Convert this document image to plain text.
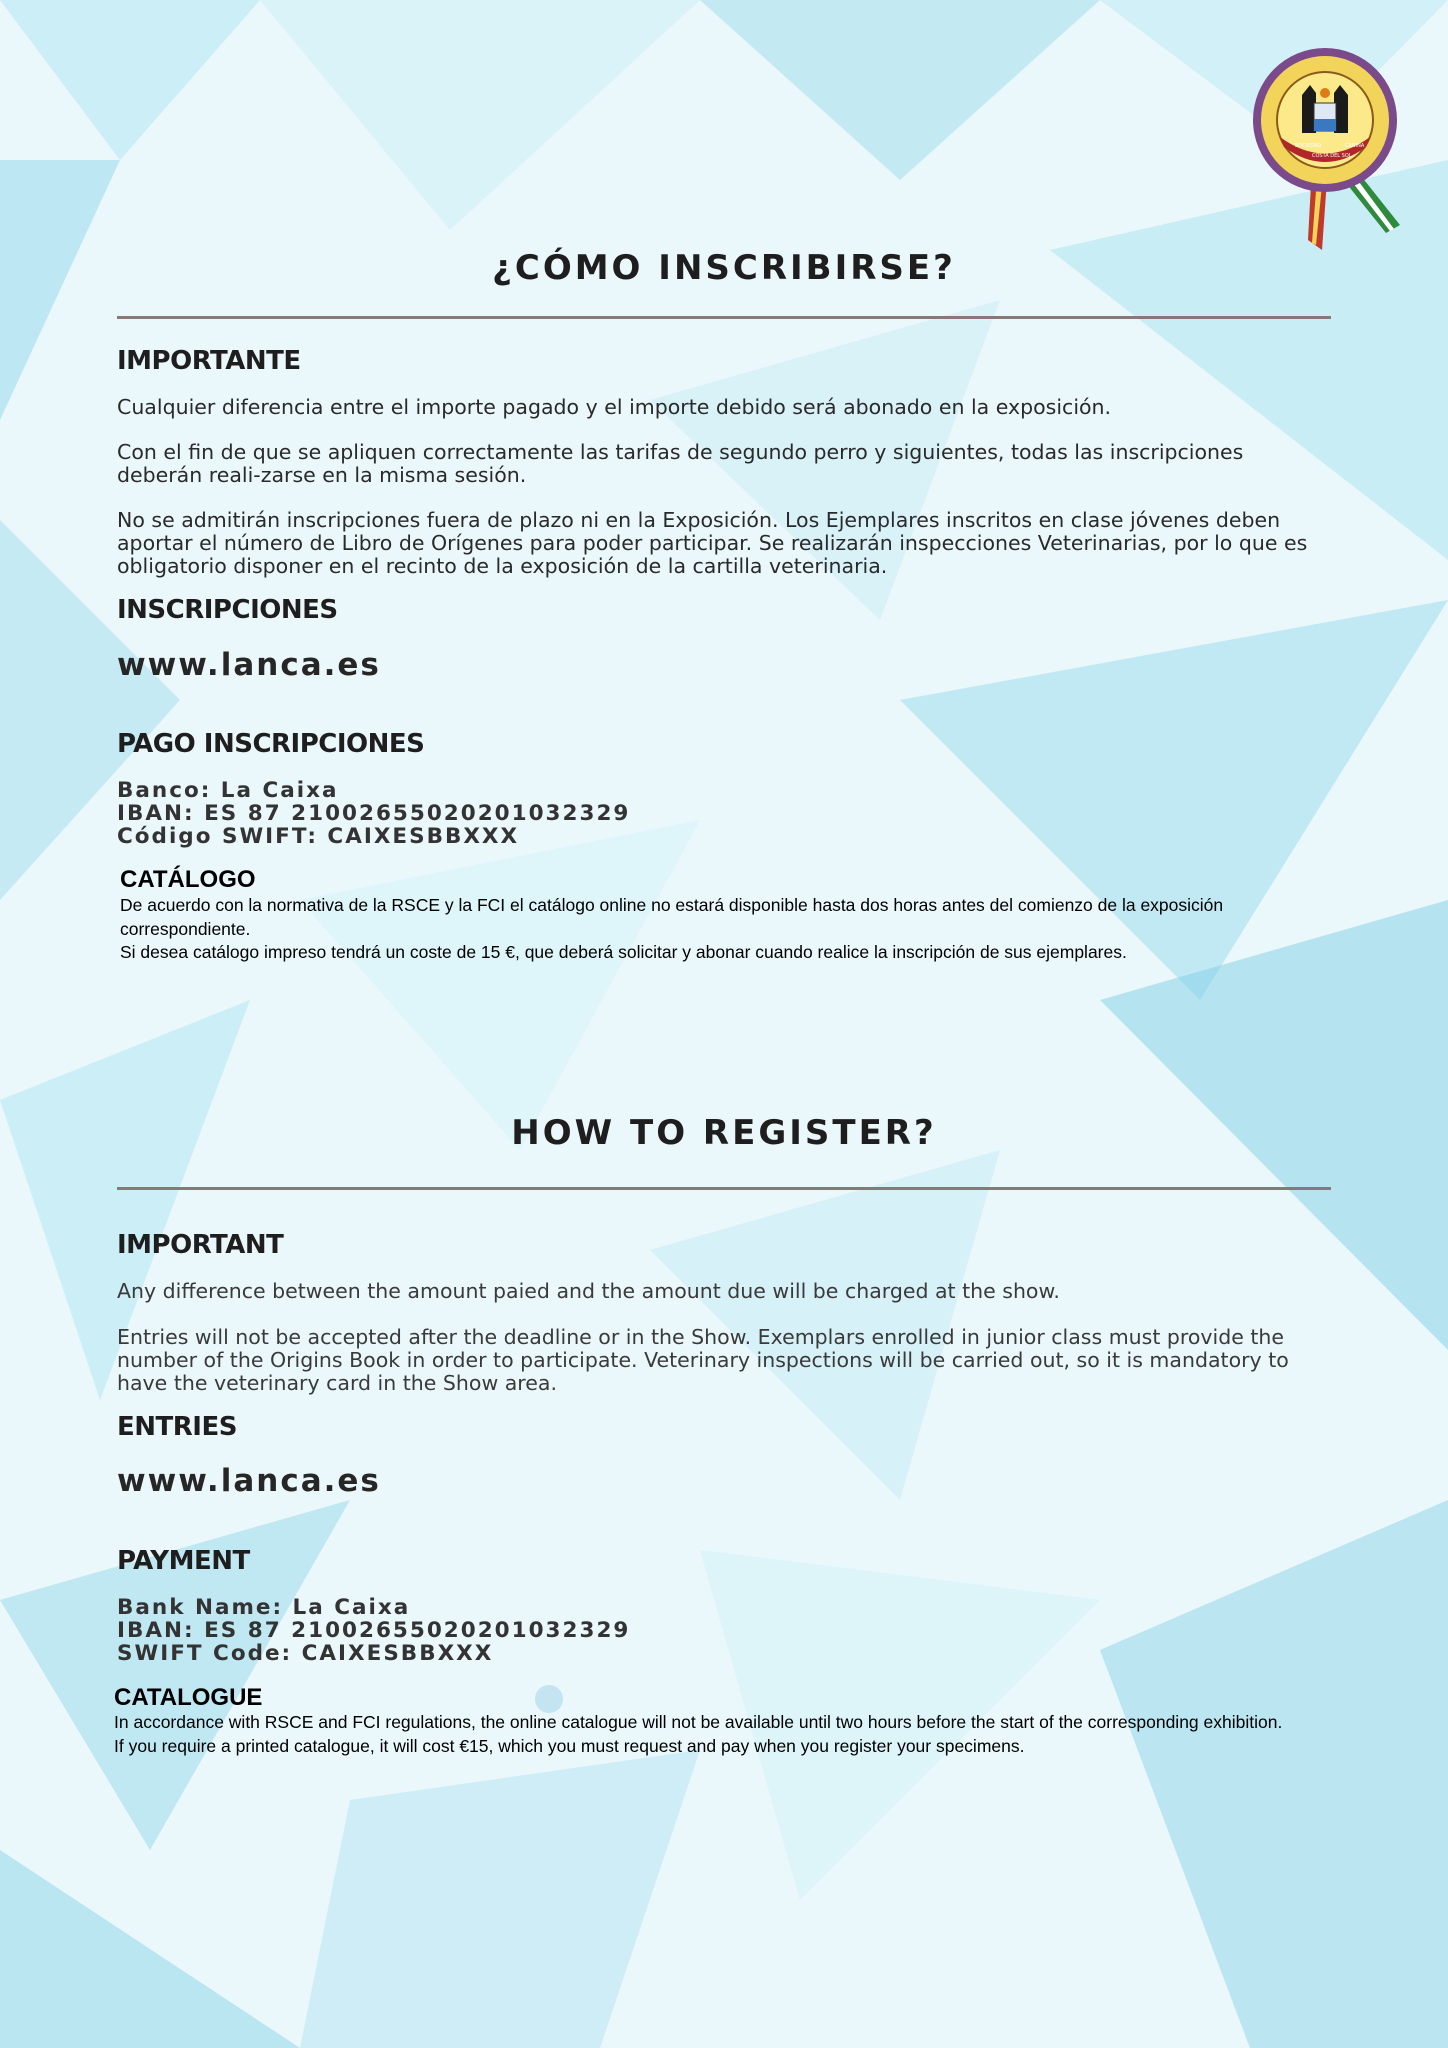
SOCIEDAD	CANINA
COSTA DEL SOL
¿CÓMO INSCRIBIRSE?
IMPORTANTE
Cualquier diferencia entre el importe pagado y el importe debido será abonado en la exposición.
Con el fin de que se apliquen correctamente las tarifas de segundo perro y siguientes, todas las inscripciones deberán reali-zarse en la misma sesión.
No se admitirán inscripciones fuera de plazo ni en la Exposición. Los Ejemplares inscritos en clase jóvenes deben aportar el número de Libro de Orígenes para poder participar. Se realizarán inspecciones Veterinarias, por lo que es obligatorio disponer en el recinto de la exposición de la cartilla veterinaria.
INSCRIPCIONES
www.lanca.es
PAGO INSCRIPCIONES
Banco: La Caixa
IBAN: ES 87 21002655020201032329
Código SWIFT: CAIXESBBXXX
CATÁLOGO
De acuerdo con la normativa de la RSCE y la FCI el catálogo online no estará disponible hasta dos horas antes del comienzo de la exposición correspondiente.
Si desea catálogo impreso tendrá un coste de 15 €, que deberá solicitar y abonar cuando realice la inscripción de sus ejemplares.
HOW TO REGISTER?
IMPORTANT
Any difference between the amount paied and the amount due will be charged at the show.
Entries will not be accepted after the deadline or in the Show. Exemplars enrolled in junior class must provide the number of the Origins Book in order to participate. Veterinary inspections will be carried out, so it is mandatory to have the veterinary card in the Show area.
ENTRIES
www.lanca.es
PAYMENT
Bank Name: La Caixa
IBAN: ES 87 21002655020201032329
SWIFT Code: CAIXESBBXXX
CATALOGUE
In accordance with RSCE and FCI regulations, the online catalogue will not be available until two hours before the start of the corresponding exhibition.
If you require a printed catalogue, it will cost €15, which you must request and pay when you register your specimens.
